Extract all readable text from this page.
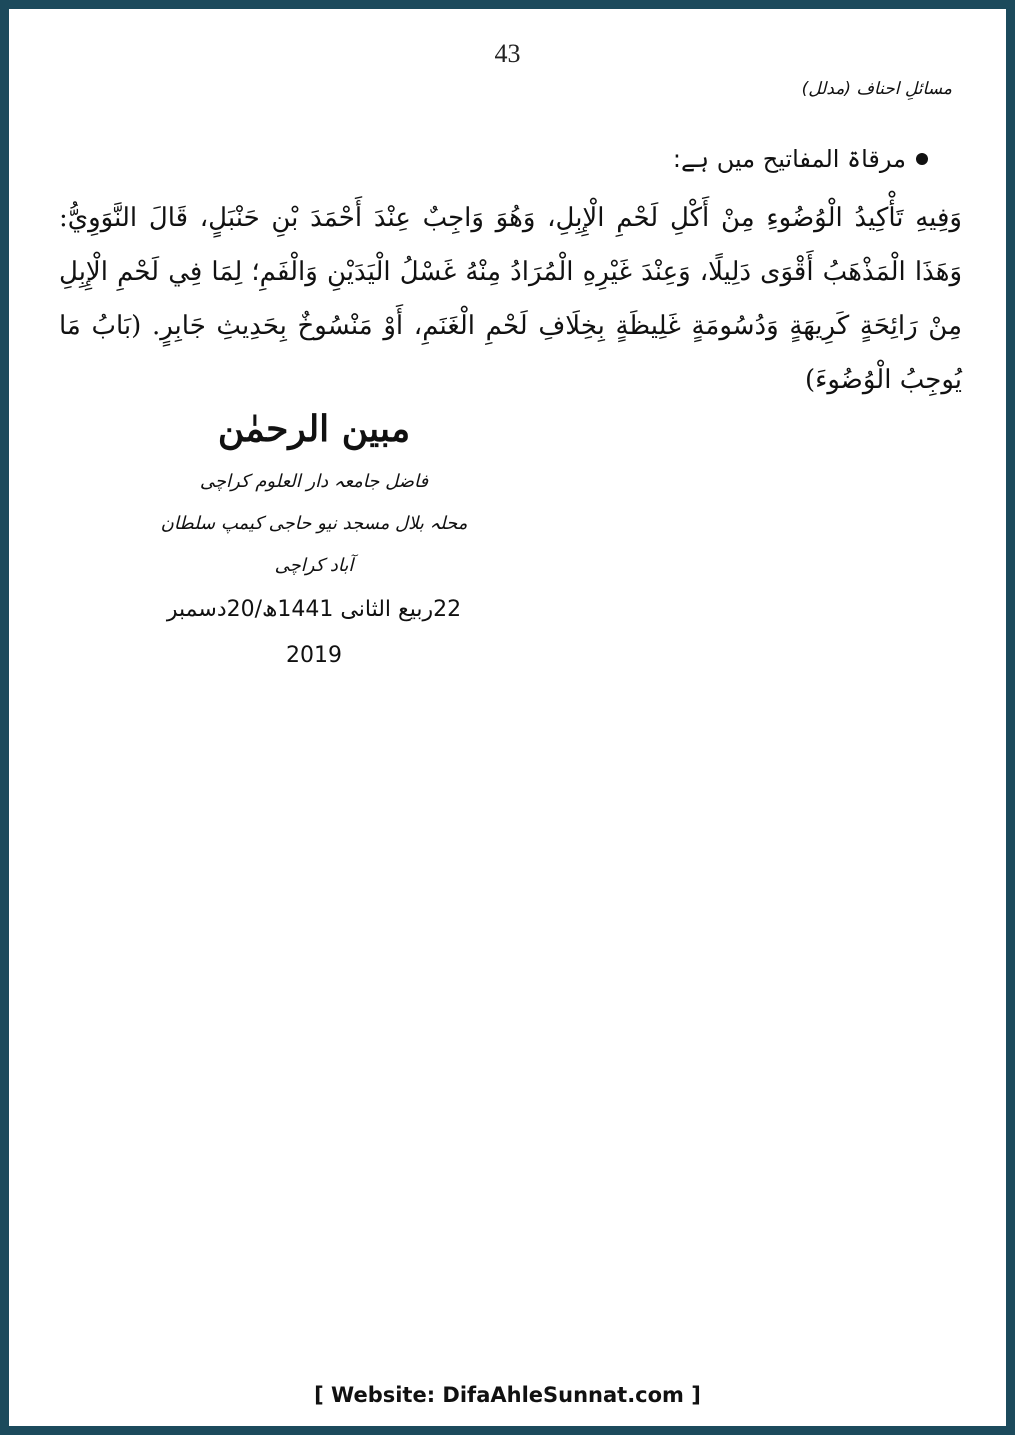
43
مسائلِ احناف (مدلل)
مرقاۃ المفاتیح میں ہے:
وَفِيهِ تَأْكِيدُ الْوُضُوءِ مِنْ أَكْلِ لَحْمِ الْإِبِلِ، وَهُوَ وَاجِبٌ عِنْدَ أَحْمَدَ بْنِ حَنْبَلٍ، قَالَ النَّوَوِيُّ: وَهَذَا الْمَذْهَبُ أَقْوَى دَلِيلًا، وَعِنْدَ غَيْرِهِ الْمُرَادُ مِنْهُ غَسْلُ الْيَدَيْنِ وَالْفَمِ؛ لِمَا فِي لَحْمِ الْإِبِلِ مِنْ رَائِحَةٍ كَرِيهَةٍ وَدُسُومَةٍ غَلِيظَةٍ بِخِلَافِ لَحْمِ الْغَنَمِ، أَوْ مَنْسُوخٌ بِحَدِيثِ جَابِرٍ. (بَابُ مَا يُوجِبُ الْوُضُوءَ)
مبین الرحمٰن
فاضل جامعہ دار العلوم کراچی
محلہ بلال مسجد نیو حاجی کیمپ سلطان آباد کراچی
22ربیع الثانی 1441ھ/20دسمبر 2019
[ Website: DifaAhleSunnat.com ]
